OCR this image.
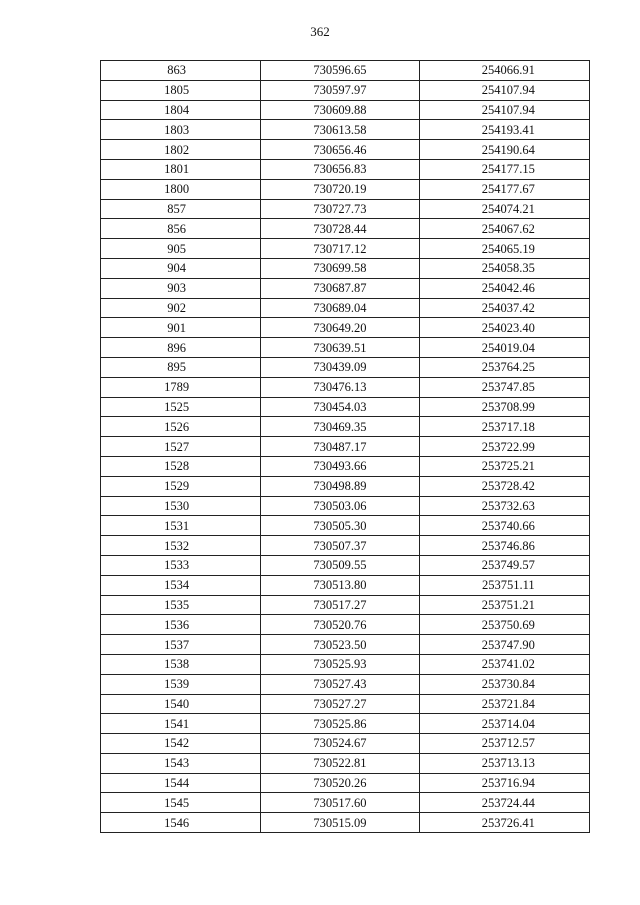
362
863	730596.65	254066.91
1805	730597.97	254107.94
1804	730609.88	254107.94
1803	730613.58	254193.41
1802	730656.46	254190.64
1801	730656.83	254177.15
1800	730720.19	254177.67
857	730727.73	254074.21
856	730728.44	254067.62
905	730717.12	254065.19
904	730699.58	254058.35
903	730687.87	254042.46
902	730689.04	254037.42
901	730649.20	254023.40
896	730639.51	254019.04
895	730439.09	253764.25
1789	730476.13	253747.85
1525	730454.03	253708.99
1526	730469.35	253717.18
1527	730487.17	253722.99
1528	730493.66	253725.21
1529	730498.89	253728.42
1530	730503.06	253732.63
1531	730505.30	253740.66
1532	730507.37	253746.86
1533	730509.55	253749.57
1534	730513.80	253751.11
1535	730517.27	253751.21
1536	730520.76	253750.69
1537	730523.50	253747.90
1538	730525.93	253741.02
1539	730527.43	253730.84
1540	730527.27	253721.84
1541	730525.86	253714.04
1542	730524.67	253712.57
1543	730522.81	253713.13
1544	730520.26	253716.94
1545	730517.60	253724.44
1546	730515.09	253726.41
